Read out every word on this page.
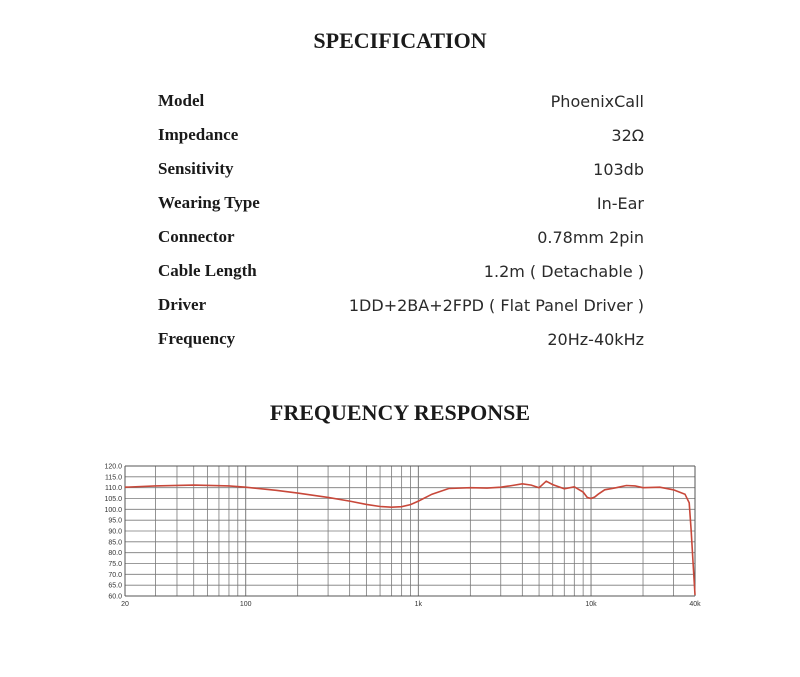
SPECIFICATION
Model	PhoenixCall
Impedance	32Ω
Sensitivity	103db
Wearing Type	In-Ear
Connector	0.78mm 2pin
Cable Length	1.2m ( Detachable )
Driver	1DD+2BA+2FPD ( Flat Panel Driver )
Frequency	20Hz-40kHz
FREQUENCY RESPONSE
120.0
115.0
110.0
105.0
100.0
95.0
90.0
85.0
80.0
75.0
70.0
65.0
60.0
20	100	1k	10k	40k
